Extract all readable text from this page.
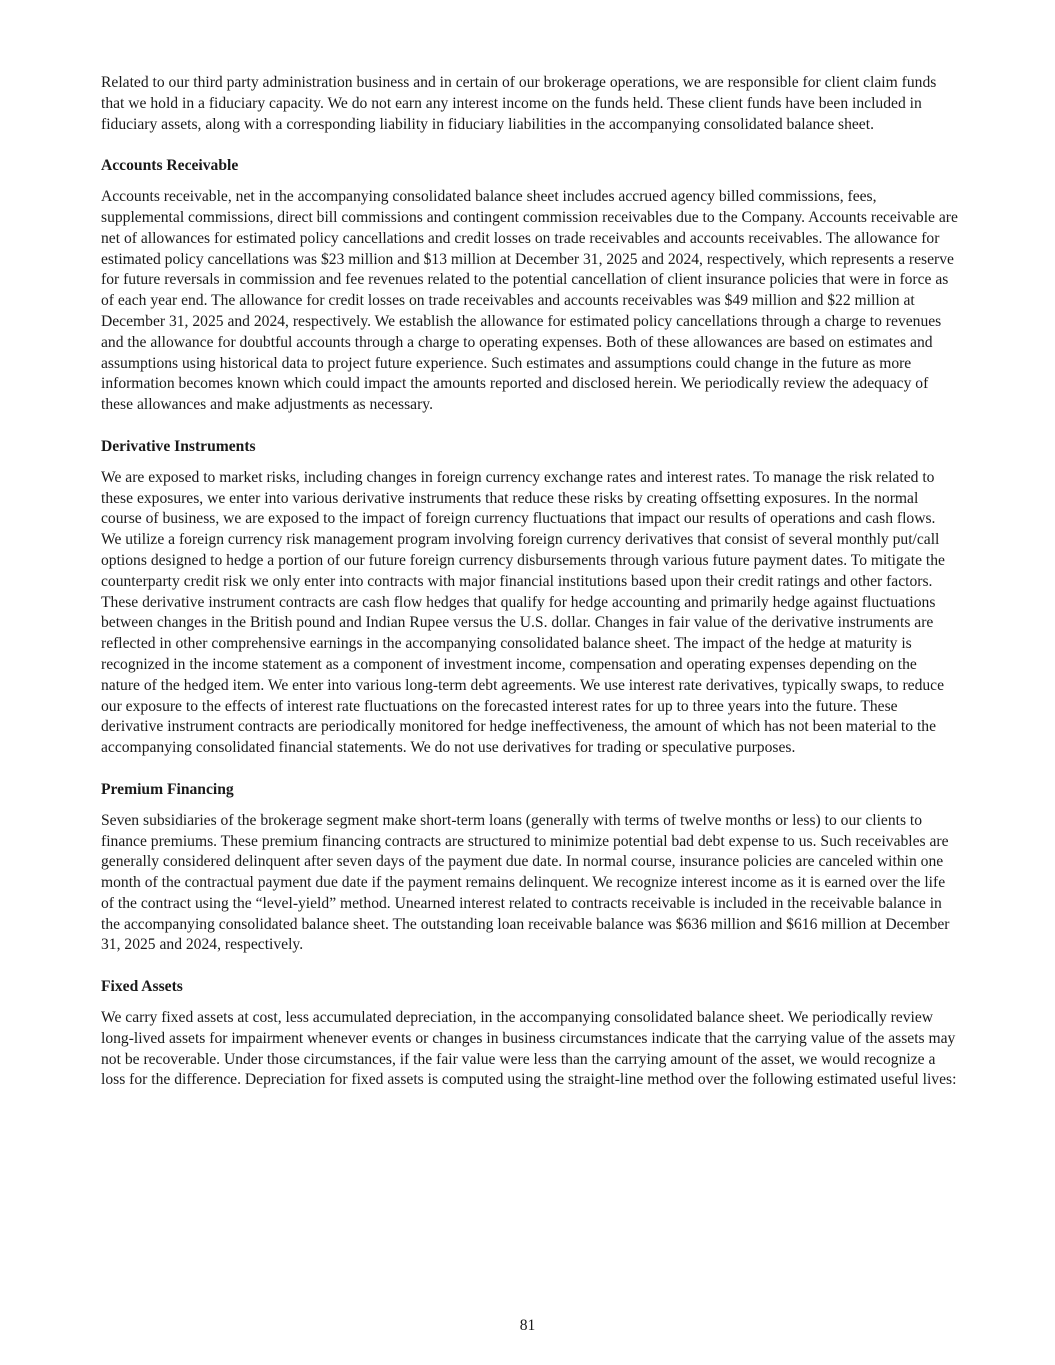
Related to our third party administration business and in certain of our brokerage operations, we are responsible for client claim funds that we hold in a fiduciary capacity. We do not earn any interest income on the funds held. These client funds have been included in fiduciary assets, along with a corresponding liability in fiduciary liabilities in the accompanying consolidated balance sheet.

Accounts Receivable

Accounts receivable, net in the accompanying consolidated balance sheet includes accrued agency billed commissions, fees, supplemental commissions, direct bill commissions and contingent commission receivables due to the Company. Accounts receivable are net of allowances for estimated policy cancellations and credit losses on trade receivables and accounts receivables. The allowance for estimated policy cancellations was $23 million and $13 million at December 31, 2025 and 2024, respectively, which represents a reserve for future reversals in commission and fee revenues related to the potential cancellation of client insurance policies that were in force as of each year end. The allowance for credit losses on trade receivables and accounts receivables was $49 million and $22 million at December 31, 2025 and 2024, respectively. We establish the allowance for estimated policy cancellations through a charge to revenues and the allowance for doubtful accounts through a charge to operating expenses. Both of these allowances are based on estimates and assumptions using historical data to project future experience. Such estimates and assumptions could change in the future as more information becomes known which could impact the amounts reported and disclosed herein. We periodically review the adequacy of these allowances and make adjustments as necessary.

Derivative Instruments

We are exposed to market risks, including changes in foreign currency exchange rates and interest rates. To manage the risk related to these exposures, we enter into various derivative instruments that reduce these risks by creating offsetting exposures. In the normal course of business, we are exposed to the impact of foreign currency fluctuations that impact our results of operations and cash flows. We utilize a foreign currency risk management program involving foreign currency derivatives that consist of several monthly put/call options designed to hedge a portion of our future foreign currency disbursements through various future payment dates. To mitigate the counterparty credit risk we only enter into contracts with major financial institutions based upon their credit ratings and other factors. These derivative instrument contracts are cash flow hedges that qualify for hedge accounting and primarily hedge against fluctuations between changes in the British pound and Indian Rupee versus the U.S. dollar. Changes in fair value of the derivative instruments are reflected in other comprehensive earnings in the accompanying consolidated balance sheet. The impact of the hedge at maturity is recognized in the income statement as a component of investment income, compensation and operating expenses depending on the nature of the hedged item. We enter into various long-term debt agreements. We use interest rate derivatives, typically swaps, to reduce our exposure to the effects of interest rate fluctuations on the forecasted interest rates for up to three years into the future. These derivative instrument contracts are periodically monitored for hedge ineffectiveness, the amount of which has not been material to the accompanying consolidated financial statements. We do not use derivatives for trading or speculative purposes.

Premium Financing

Seven subsidiaries of the brokerage segment make short-term loans (generally with terms of twelve months or less) to our clients to finance premiums. These premium financing contracts are structured to minimize potential bad debt expense to us. Such receivables are generally considered delinquent after seven days of the payment due date. In normal course, insurance policies are canceled within one month of the contractual payment due date if the payment remains delinquent. We recognize interest income as it is earned over the life of the contract using the “level-yield” method. Unearned interest related to contracts receivable is included in the receivable balance in the accompanying consolidated balance sheet. The outstanding loan receivable balance was $636 million and $616 million at December 31, 2025 and 2024, respectively.

Fixed Assets

We carry fixed assets at cost, less accumulated depreciation, in the accompanying consolidated balance sheet. We periodically review long-lived assets for impairment whenever events or changes in business circumstances indicate that the carrying value of the assets may not be recoverable. Under those circumstances, if the fair value were less than the carrying amount of the asset, we would recognize a loss for the difference. Depreciation for fixed assets is computed using the straight-line method over the following estimated useful lives:

81
